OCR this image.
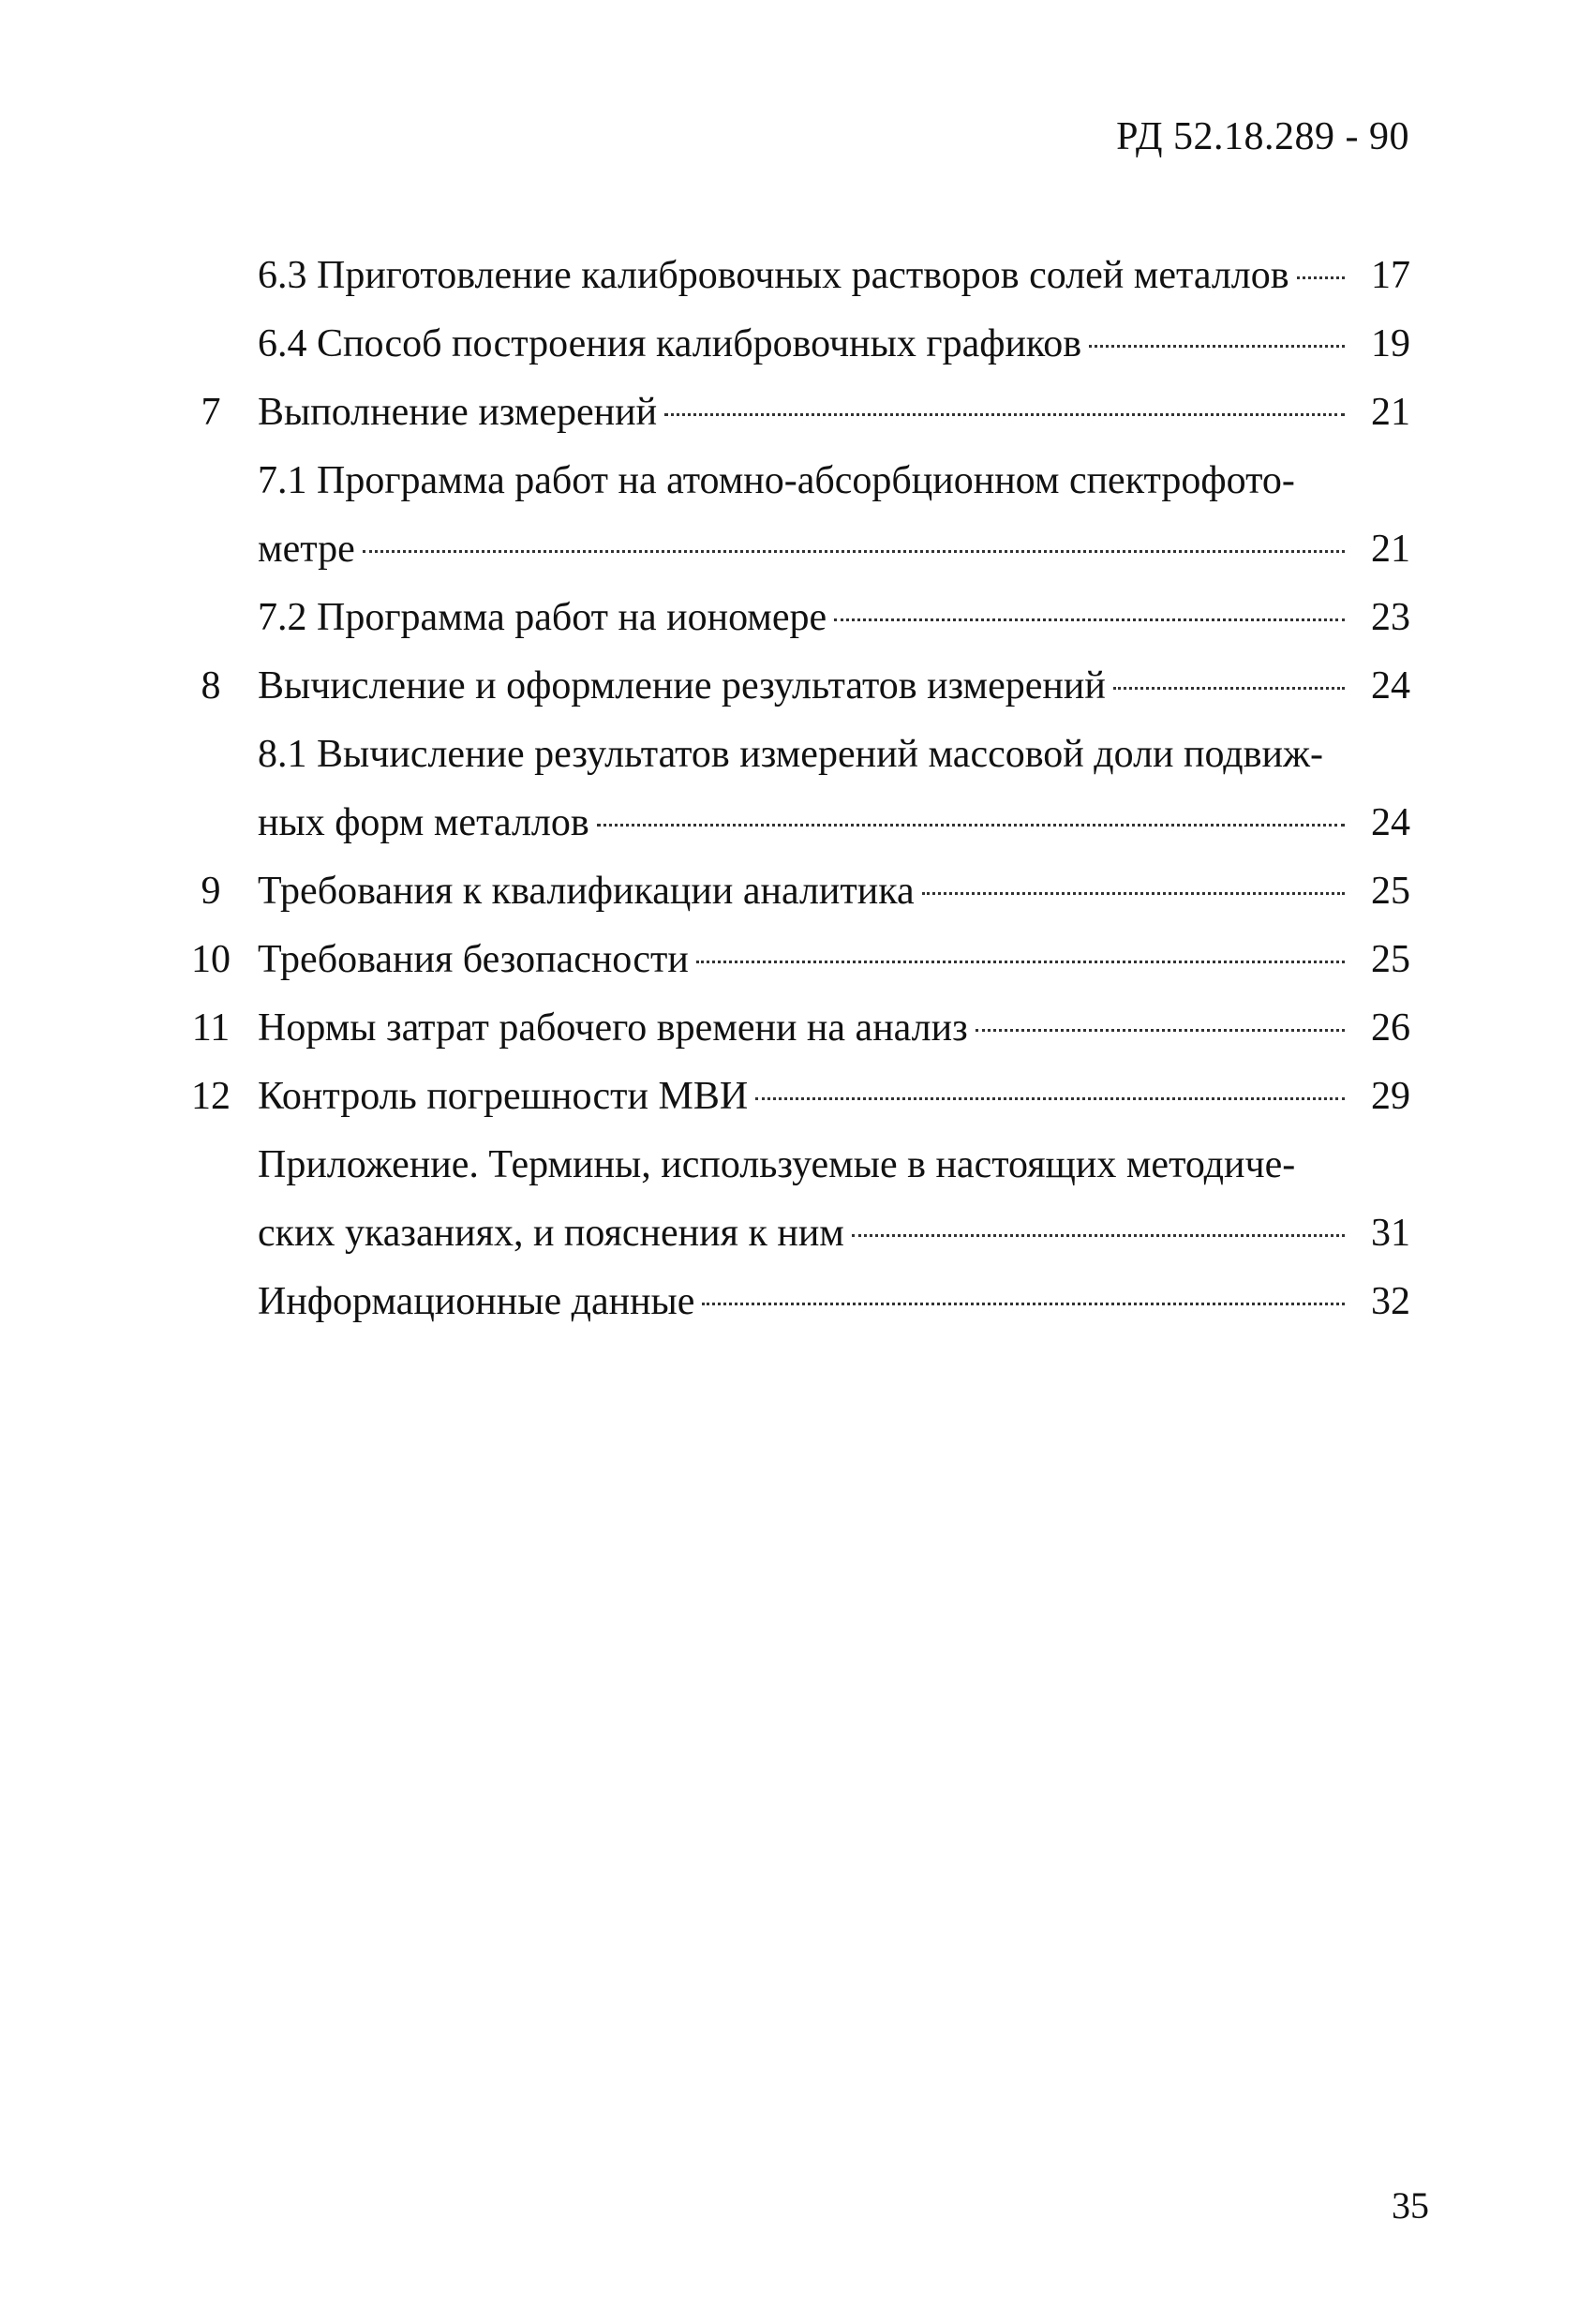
РД 52.18.289 - 90
6.3 Приготовление калибровочных растворов солей металлов	17
6.4 Способ построения калибровочных графиков	19
7 Выполнение измерений	21
7.1 Программа работ на атомно-абсорбционном спектрофото-
метре	21
7.2 Программа работ на иономере	23
8 Вычисление и оформление результатов измерений	24
8.1 Вычисление результатов измерений массовой доли подвиж-
ных форм металлов	24
9 Требования к квалификации аналитика	25
10 Требования безопасности	25
11 Нормы затрат рабочего времени на анализ	26
12 Контроль погрешности МВИ	29
Приложение. Термины, используемые в настоящих методиче-
ских указаниях, и пояснения к ним	31
Информационные данные	32
35
